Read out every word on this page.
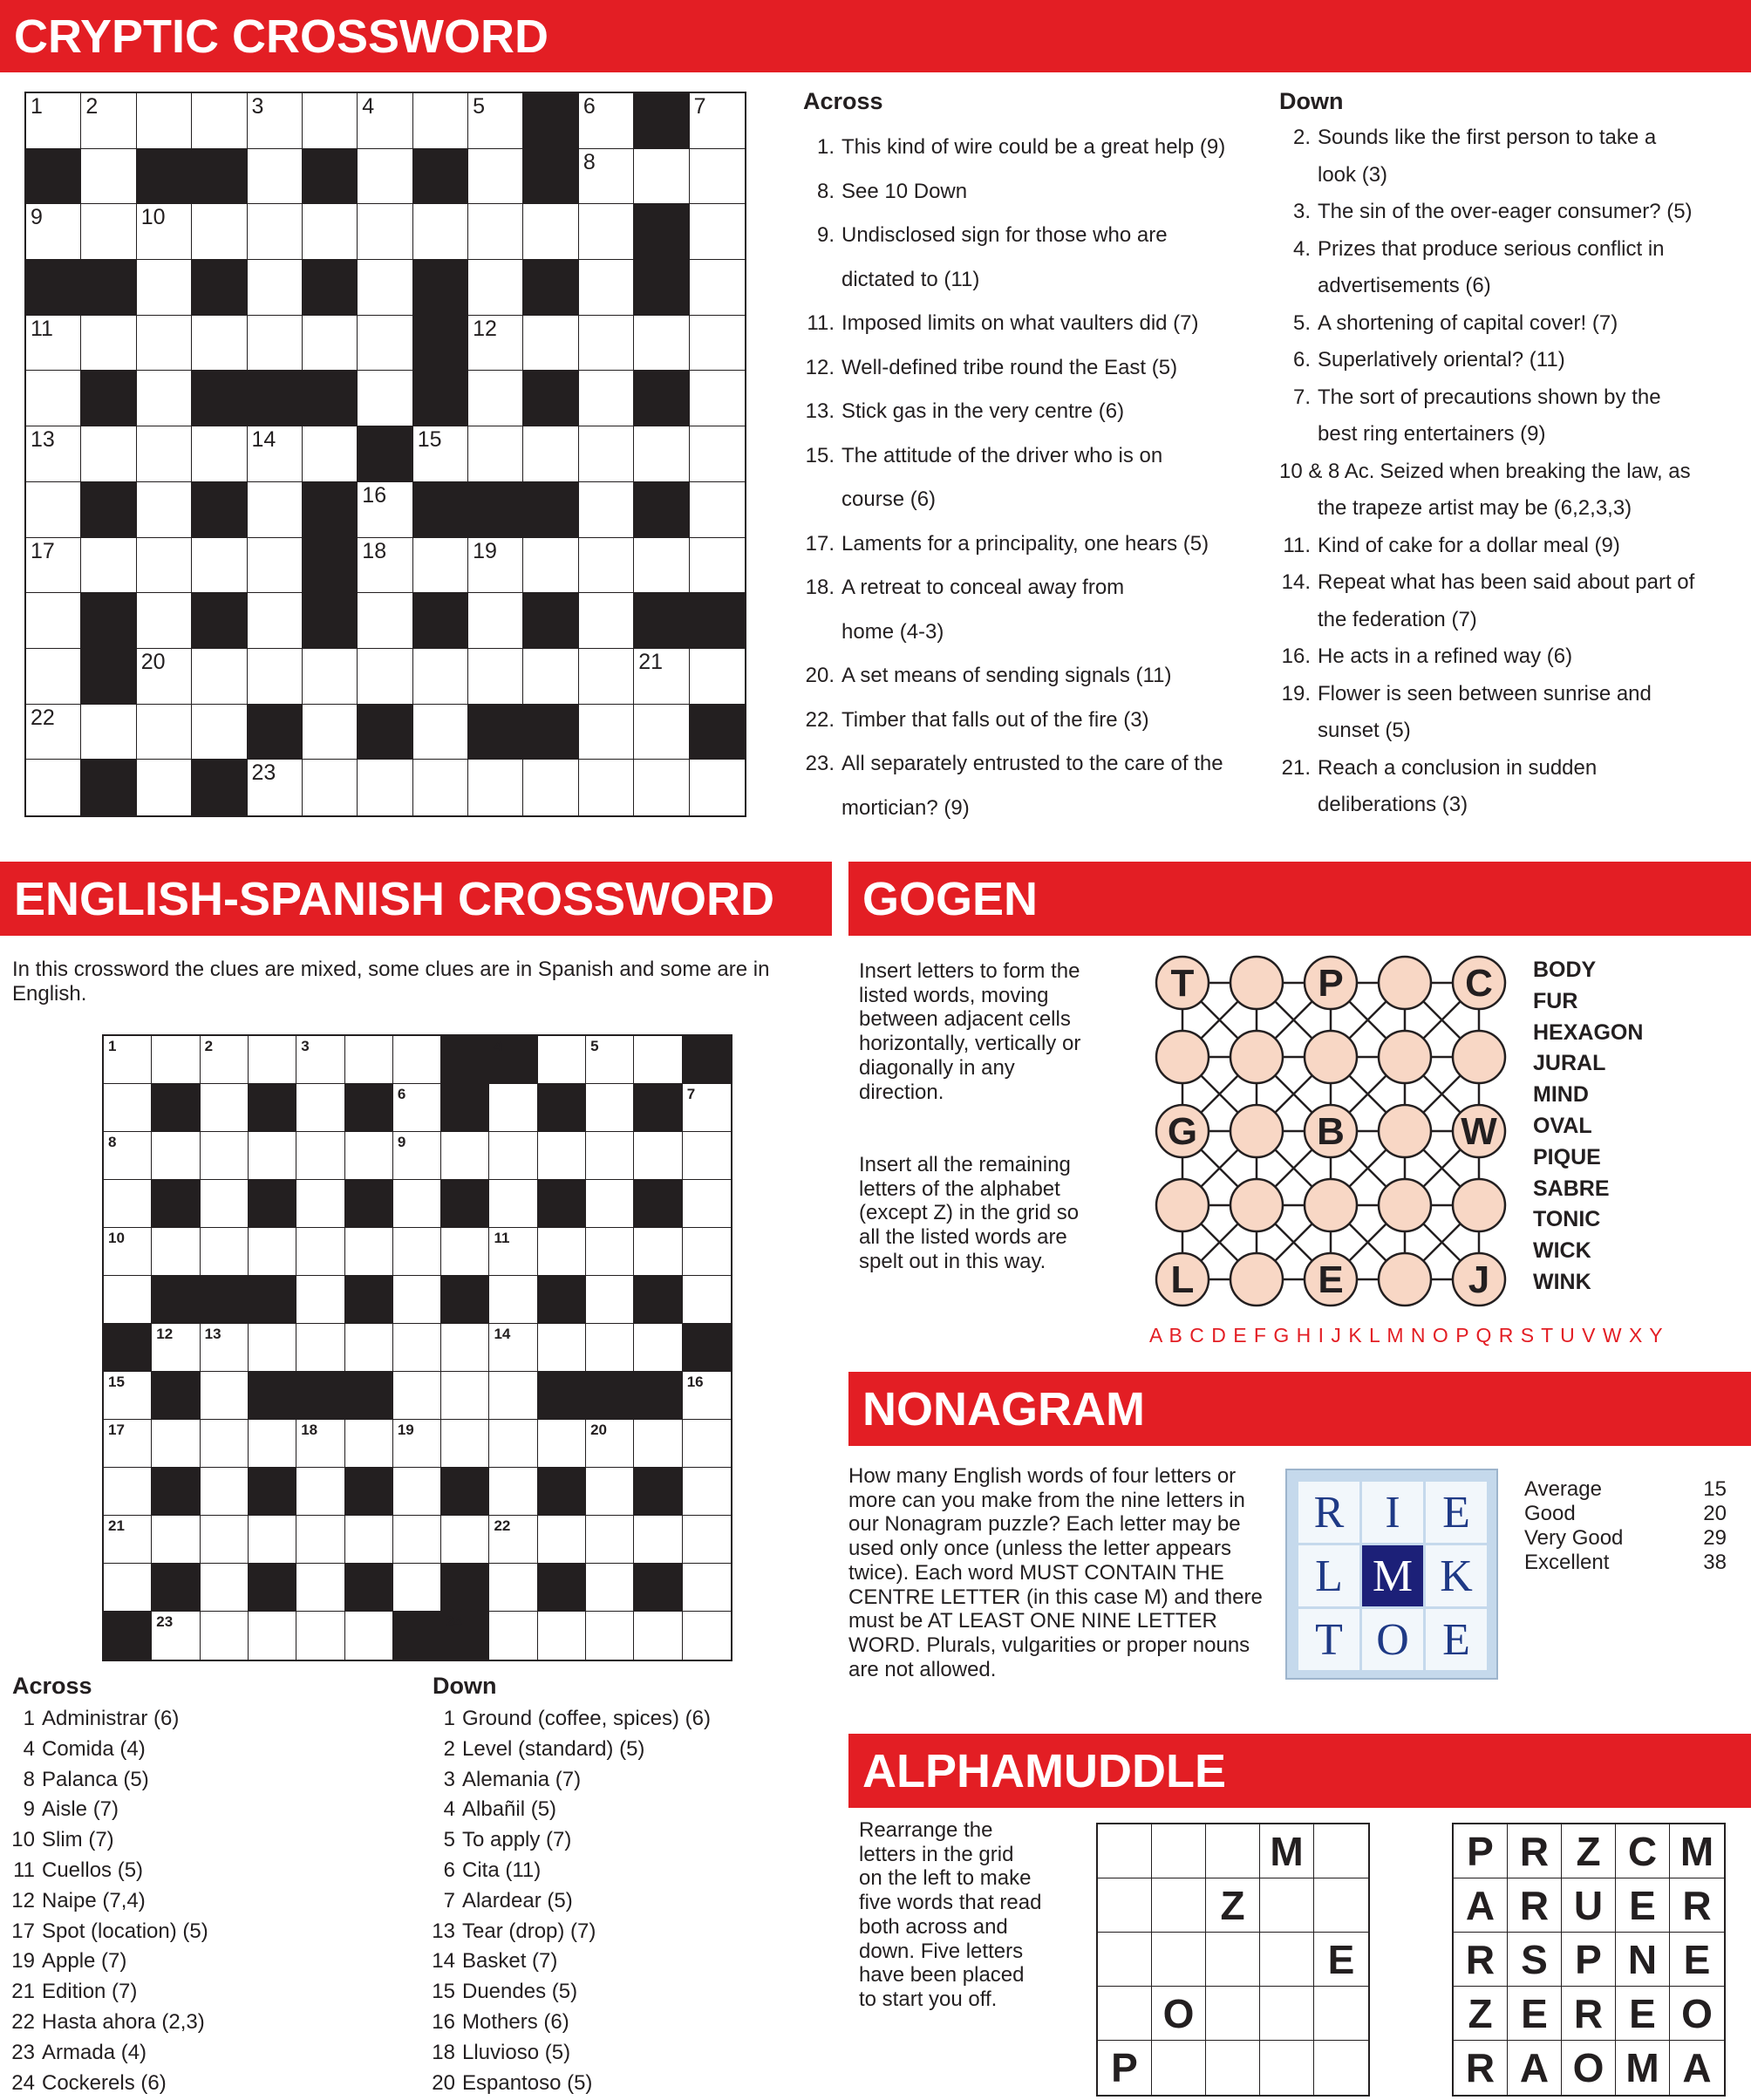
CRYPTIC CROSSWORD
1 2	3	4	5	6	7
8
9	10
11	12
13	14	15
16
17	18	19
20	21
22
23
Across
1. This kind of wire could be a great help (9)
8. See 10 Down
9. Undisclosed sign for those who are
dictated to (11)
11. Imposed limits on what vaulters did (7)
12. Well-defined tribe round the East (5)
13. Stick gas in the very centre (6)
15. The attitude of the driver who is on
course (6)
17. Laments for a principality, one hears (5)
18. A retreat to conceal away from
home (4-3)
20. A set means of sending signals (11)
22. Timber that falls out of the fire (3)
23. All separately entrusted to the care of the
mortician? (9)
Down
2. Sounds like the first person to take a
look (3)
3. The sin of the over-eager consumer? (5)
4. Prizes that produce serious conflict in
advertisements (6)
5. A shortening of capital cover! (7)
6. Superlatively oriental? (11)
7. The sort of precautions shown by the
best ring entertainers (9)
10 & 8 Ac. Seized when breaking the law, as
the trapeze artist may be (6,2,3,3)
11. Kind of cake for a dollar meal (9)
14. Repeat what has been said about part of
the federation (7)
16. He acts in a refined way (6)
19. Flower is seen between sunrise and
sunset (5)
21. Reach a conclusion in sudden
deliberations (3)
ENGLISH-SPANISH CROSSWORD
In this crossword the clues are mixed, some clues are in Spanish and some are in English.
1	2	3	4	5
6	7
8	9
10	11
12 13	14
15	16
17	18	19	20
21	22
23	24
Across
1 Administrar (6)
4 Comida (4)
8 Palanca (5)
9 Aisle (7)
10 Slim (7)
11 Cuellos (5)
12 Naipe (7,4)
17 Spot (location) (5)
19 Apple (7)
21 Edition (7)
22 Hasta ahora (2,3)
23 Armada (4)
24 Cockerels (6)
Down
1 Ground (coffee, spices) (6)
2 Level (standard) (5)
3 Alemania (7)
4 Albañil (5)
5 To apply (7)
6 Cita (11)
7 Alardear (5)
13 Tear (drop) (7)
14 Basket (7)
15 Duendes (5)
16 Mothers (6)
18 Lluvioso (5)
20 Espantoso (5)
GOGEN
Insert letters to form the listed words, moving between adjacent cells horizontally, vertically or diagonally in any direction.
Insert all the remaining letters of the alphabet (except Z) in the grid so all the listed words are spelt out in this way.
T	P	C
G	B	W
L	E	J
BODY
FUR
HEXAGON
JURAL
MIND
OVAL
PIQUE
SABRE
TONIC
WICK
WINK
A B C D E F G H I J K L M N O P Q R S T U V W X Y
NONAGRAM
How many English words of four letters or more can you make from the nine letters in our Nonagram puzzle? Each letter may be used only once (unless the letter appears twice). Each word MUST CONTAIN THE CENTRE LETTER (in this case M) and there must be AT LEAST ONE NINE LETTER WORD. Plurals, vulgarities or proper nouns are not allowed.
R I E
L M K
T O E
Average	15
Good	20
Very Good	29
Excellent	38
ALPHAMUDDLE
Rearrange the letters in the grid on the left to make five words that read both across and down. Five letters have been placed to start you off.
M
Z
E
O
P
P R Z C M
A R U E R
R S P N E
Z E R E O
R A O M A
